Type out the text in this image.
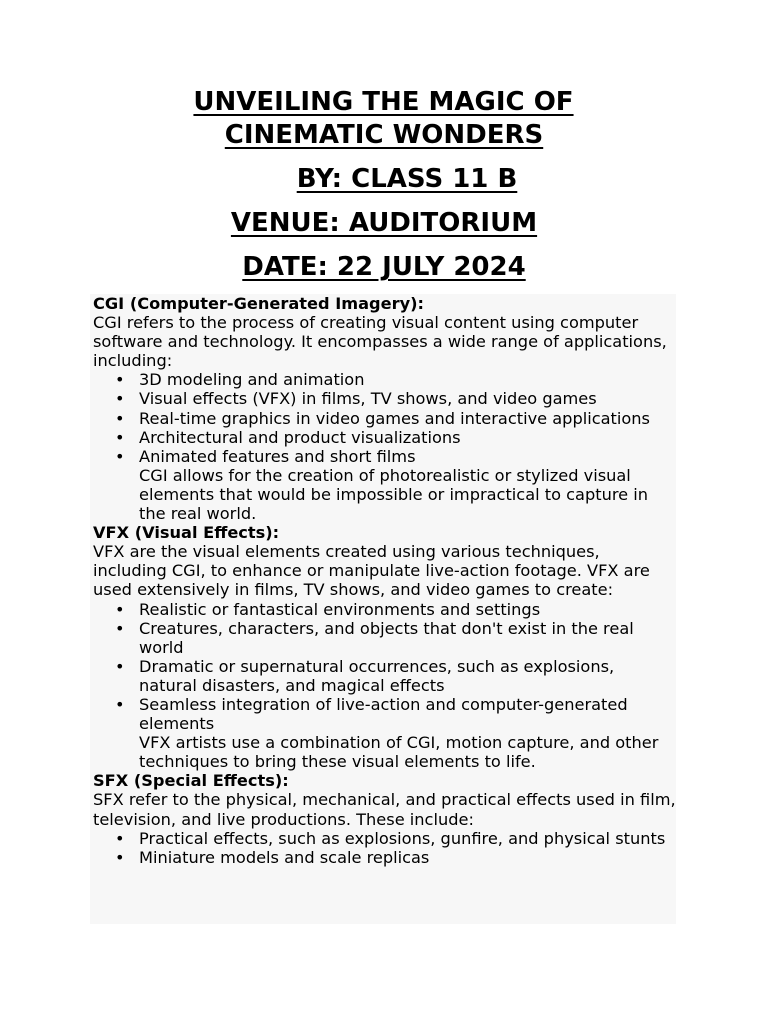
UNVEILING THE MAGIC OF

CINEMATIC WONDERS

BY: CLASS 11 B

VENUE: AUDITORIUM

DATE: 22 JULY 2024

CGI (Computer-Generated Imagery):

CGI refers to the process of creating visual content using computer software and technology. It encompasses a wide range of applications, including:

• 3D modeling and animation
• Visual effects (VFX) in films, TV shows, and video games
• Real-time graphics in video games and interactive applications
• Architectural and product visualizations
• Animated features and short films

CGI allows for the creation of photorealistic or stylized visual elements that would be impossible or impractical to capture in the real world.

VFX (Visual Effects):

VFX are the visual elements created using various techniques, including CGI, to enhance or manipulate live-action footage. VFX are used extensively in films, TV shows, and video games to create:

• Realistic or fantastical environments and settings
• Creatures, characters, and objects that don't exist in the real world
• Dramatic or supernatural occurrences, such as explosions, natural disasters, and magical effects
• Seamless integration of live-action and computer-generated elements

VFX artists use a combination of CGI, motion capture, and other techniques to bring these visual elements to life.

SFX (Special Effects):

SFX refer to the physical, mechanical, and practical effects used in film, television, and live productions. These include:

• Practical effects, such as explosions, gunfire, and physical stunts
• Miniature models and scale replicas
